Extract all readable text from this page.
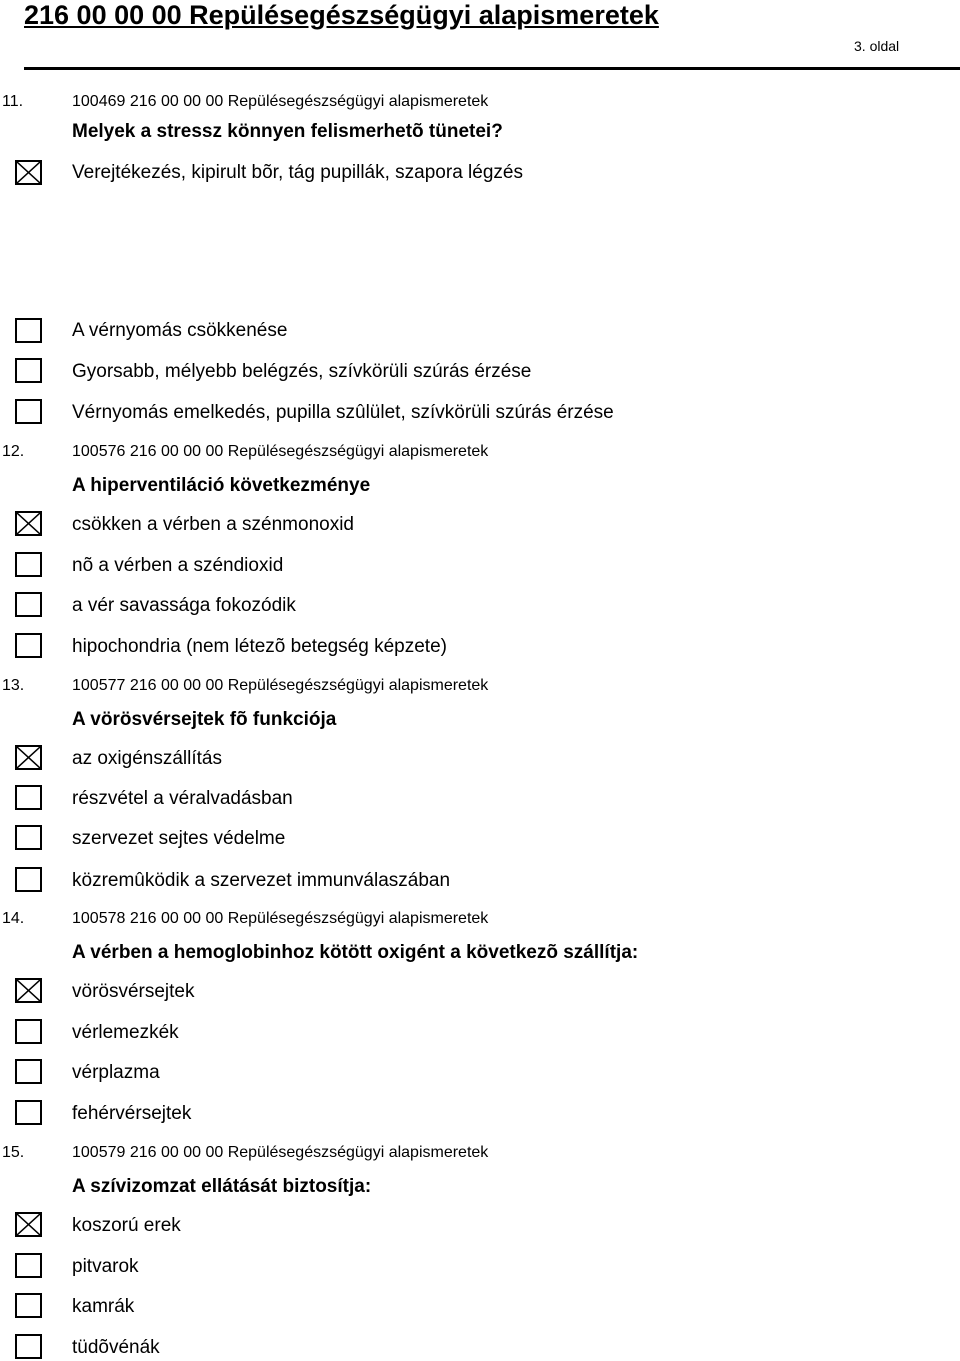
216 00 00 00 Repülésegészségügyi alapismeretek
3. oldal
11.	100469 216 00 00 00 Repülésegészségügyi alapismeretek
Melyek a stressz könnyen felismerhetõ tünetei?
Verejtékezés, kipirult bõr, tág pupillák, szapora légzés
A vérnyomás csökkenése
Gyorsabb, mélyebb belégzés, szívkörüli szúrás érzése
Vérnyomás emelkedés, pupilla szûlület, szívkörüli szúrás érzése
12.	100576 216 00 00 00 Repülésegészségügyi alapismeretek
A hiperventiláció következménye
csökken a vérben a szénmonoxid
nõ a vérben a széndioxid
a vér savassága fokozódik
hipochondria (nem létezõ betegség képzete)
13.	100577 216 00 00 00 Repülésegészségügyi alapismeretek
A vörösvérsejtek fõ funkciója
az oxigénszállítás
részvétel a véralvadásban
szervezet sejtes védelme
közremûködik a szervezet immunválaszában
14.	100578 216 00 00 00 Repülésegészségügyi alapismeretek
A vérben a hemoglobinhoz kötött oxigént a következõ szállítja:
vörösvérsejtek
vérlemezkék
vérplazma
fehérvérsejtek
15.	100579 216 00 00 00 Repülésegészségügyi alapismeretek
A szívizomzat ellátását biztosítja:
koszorú erek
pitvarok
kamrák
tüdõvénák
